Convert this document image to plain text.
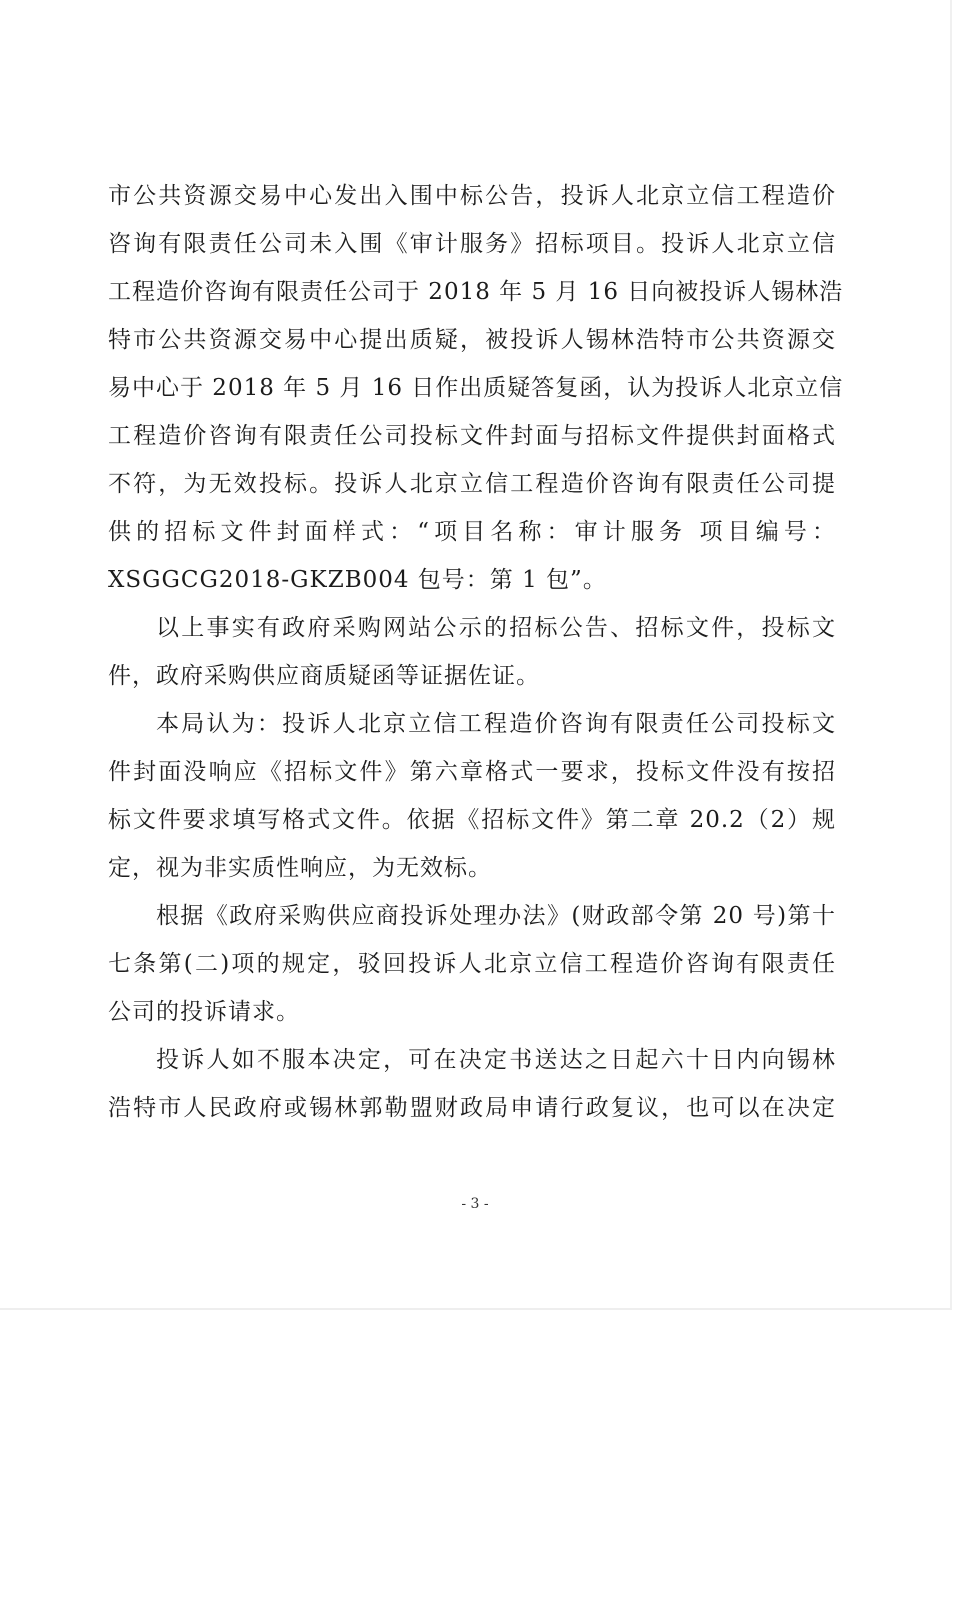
市公共资源交易中心发出入围中标公告，投诉人北京立信工程造价
咨询有限责任公司未入围《审计服务》招标项目。投诉人北京立信
工程造价咨询有限责任公司于 2018 年 5 月 16 日向被投诉人锡林浩
特市公共资源交易中心提出质疑，被投诉人锡林浩特市公共资源交
易中心于 2018 年 5 月 16 日作出质疑答复函，认为投诉人北京立信
工程造价咨询有限责任公司投标文件封面与招标文件提供封面格式
不符，为无效投标。投诉人北京立信工程造价咨询有限责任公司提
供的招标文件封面样式：“项目名称：审计服务 项目编号：
XSGGCG2018-GKZB004 包号：第 1 包”。
以上事实有政府采购网站公示的招标公告、招标文件，投标文
件，政府采购供应商质疑函等证据佐证。
本局认为：投诉人北京立信工程造价咨询有限责任公司投标文
件封面没响应《招标文件》第六章格式一要求，投标文件没有按招
标文件要求填写格式文件。依据《招标文件》第二章 20.2（2）规
定，视为非实质性响应，为无效标。
根据《政府采购供应商投诉处理办法》(财政部令第 20 号)第十
七条第(二)项的规定，驳回投诉人北京立信工程造价咨询有限责任
公司的投诉请求。
投诉人如不服本决定，可在决定书送达之日起六十日内向锡林
浩特市人民政府或锡林郭勒盟财政局申请行政复议，也可以在决定
- 3 -
